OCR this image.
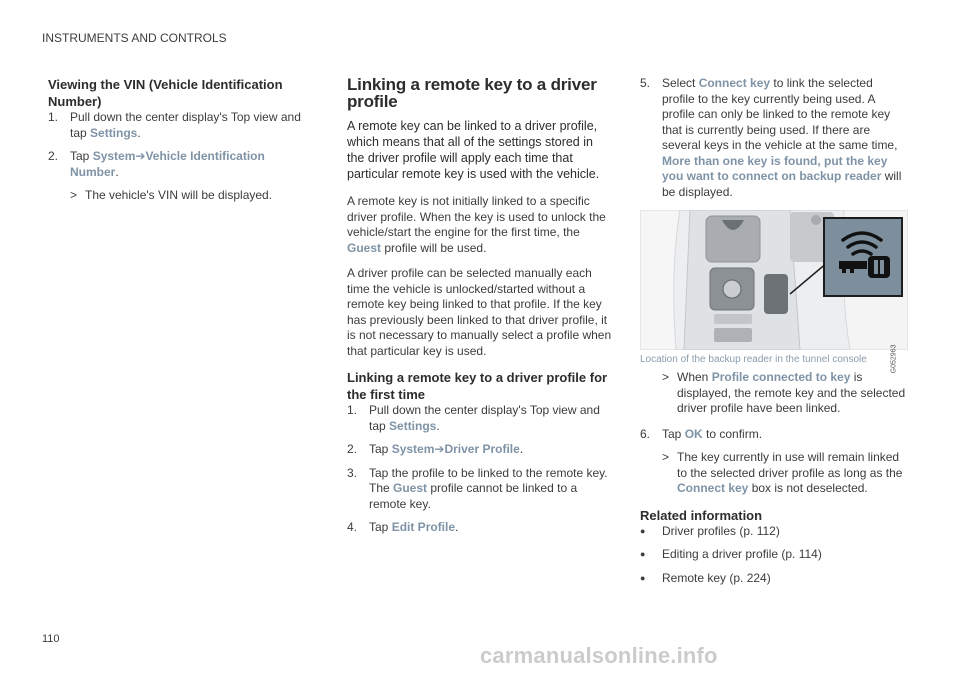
INSTRUMENTS AND CONTROLS
Viewing the VIN (Vehicle Identification Number)
1. Pull down the center display's Top view and tap Settings.
2. Tap System➔Vehicle Identification Number.
> The vehicle's VIN will be displayed.
Linking a remote key to a driver profile
A remote key can be linked to a driver profile, which means that all of the settings stored in the driver profile will apply each time that particular remote key is used with the vehicle.

A remote key is not initially linked to a specific driver profile. When the key is used to unlock the vehicle/start the engine for the first time, the Guest profile will be used.

A driver profile can be selected manually each time the vehicle is unlocked/started without a remote key being linked to that profile. If the key has previously been linked to that driver profile, it is not necessary to manually select a profile when that particular key is used.

Linking a remote key to a driver profile for the first time
1. Pull down the center display's Top view and tap Settings.
2. Tap System➔Driver Profile.
3. Tap the profile to be linked to the remote key. The Guest profile cannot be linked to a remote key.
4. Tap Edit Profile.
5. Select Connect key to link the selected profile to the key currently being used. A profile can only be linked to the remote key that is currently being used. If there are several keys in the vehicle at the same time, More than one key is found, put the key you want to connect on backup reader will be displayed.
G052963
Location of the backup reader in the tunnel console
> When Profile connected to key is displayed, the remote key and the selected driver profile have been linked.
6. Tap OK to confirm.
> The key currently in use will remain linked to the selected driver profile as long as the Connect key box is not deselected.
Related information
●	Driver profiles (p. 112)
●	Editing a driver profile (p. 114)
●	Remote key (p. 224)
110
carmanualsonline.info
